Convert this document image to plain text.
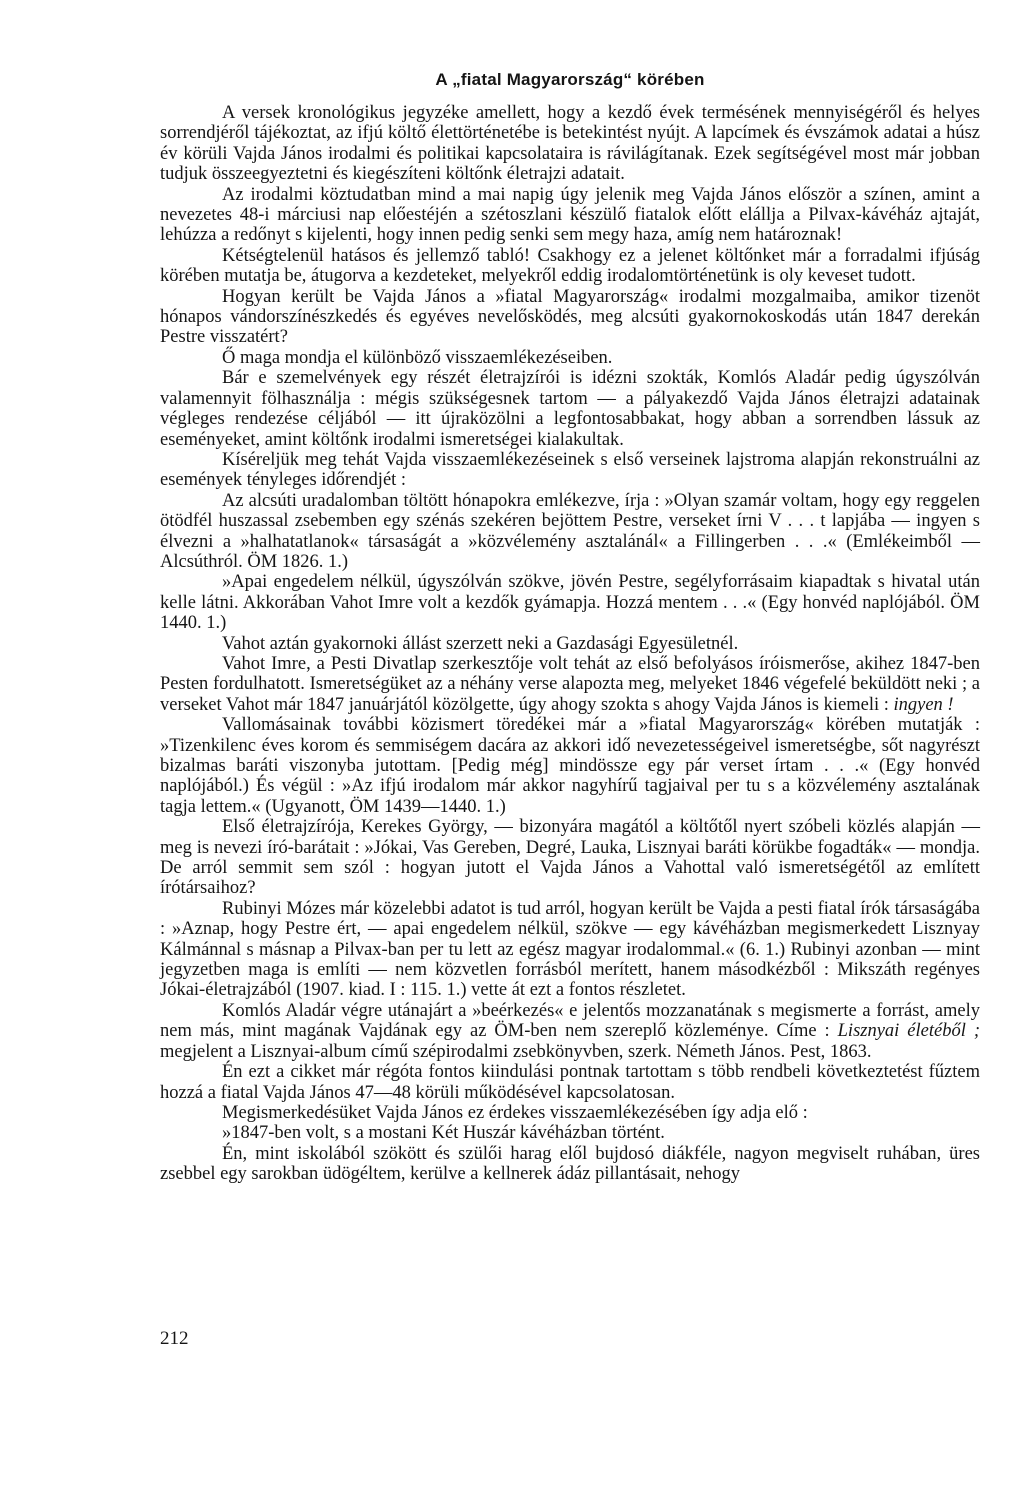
A „fiatal Magyarország“ körében

A versek kronológikus jegyzéke amellett, hogy a kezdő évek termésének mennyiségéről és helyes sorrendjéről tájékoztat, az ifjú költő élettörténetébe is betekintést nyújt. A lapcímek és évszámok adatai a húsz év körüli Vajda János irodalmi és politikai kapcsolataira is rávilágítanak. Ezek segítségével most már jobban tudjuk összeegyeztetni és kiegészíteni költőnk életrajzi adatait.

Az irodalmi köztudatban mind a mai napig úgy jelenik meg Vajda János először a színen, amint a nevezetes 48-i márciusi nap előestéjén a szétoszlani készülő fiatalok előtt elállja a Pilvax-kávéház ajtaját, lehúzza a redőnyt s kijelenti, hogy innen pedig senki sem megy haza, amíg nem határoznak!

Kétségtelenül hatásos és jellemző tabló! Csakhogy ez a jelenet költőnket már a forradalmi ifjúság körében mutatja be, átugorva a kezdeteket, melyekről eddig irodalomtörténetünk is oly keveset tudott.

Hogyan került be Vajda János a »fiatal Magyarország« irodalmi mozgalmaiba, amikor tizenöt hónapos vándorszínészkedés és egyéves nevelősködés, meg alcsúti gyakornokoskodás után 1847 derekán Pestre visszatért?

Ő maga mondja el különböző visszaemlékezéseiben.

Bár e szemelvények egy részét életrajzírói is idézni szokták, Komlós Aladár pedig úgyszólván valamennyit fölhasználja : mégis szükségesnek tartom — a pályakezdő Vajda János életrajzi adatainak végleges rendezése céljából — itt újraközölni a legfontosabbakat, hogy abban a sorrendben lássuk az eseményeket, amint költőnk irodalmi ismeretségei kialakultak.

Kíséreljük meg tehát Vajda visszaemlékezéseinek s első verseinek lajstroma alapján rekonstruálni az események tényleges időrendjét :

Az alcsúti uradalomban töltött hónapokra emlékezve, írja : »Olyan szamár voltam, hogy egy reggelen ötödfél huszassal zsebemben egy szénás szekéren bejöttem Pestre, verseket írni V . . . t lapjába — ingyen s élvezni a »halhatatlanok« társaságát a »közvélemény asztalánál« a Fillingerben . . .« (Emlékeimből — Alcsúthról. ÖM 1826. 1.)

»Apai engedelem nélkül, úgyszólván szökve, jövén Pestre, segélyforrásaim kiapadtak s hivatal után kelle látni. Akkorában Vahot Imre volt a kezdők gyámapja. Hozzá mentem . . .« (Egy honvéd naplójából. ÖM 1440. 1.)

Vahot aztán gyakornoki állást szerzett neki a Gazdasági Egyesületnél.

Vahot Imre, a Pesti Divatlap szerkesztője volt tehát az első befolyásos íróismerőse, akihez 1847-ben Pesten fordulhatott. Ismeretségüket az a néhány verse alapozta meg, melyeket 1846 végefelé beküldött neki ; a verseket Vahot már 1847 januárjától közölgette, úgy ahogy szokta s ahogy Vajda János is kiemeli : ingyen !

Vallomásainak további közismert töredékei már a »fiatal Magyarország« körében mutatják : »Tizenkilenc éves korom és semmiségem dacára az akkori idő nevezetességeivel ismeretségbe, sőt nagyrészt bizalmas baráti viszonyba jutottam. [Pedig még] mindössze egy pár verset írtam . . .« (Egy honvéd naplójából.) És végül : »Az ifjú irodalom már akkor nagyhírű tagjaival per tu s a közvélemény asztalának tagja lettem.« (Ugyanott, ÖM 1439—1440. 1.)

Első életrajzírója, Kerekes György, — bizonyára magától a költőtől nyert szóbeli közlés alapján — meg is nevezi író-barátait : »Jókai, Vas Gereben, Degré, Lauka, Lisznyai baráti körükbe fogadták« — mondja. De arról semmit sem szól : hogyan jutott el Vajda János a Vahottal való ismeretségétől az említett írótársaihoz?

Rubinyi Mózes már közelebbi adatot is tud arról, hogyan került be Vajda a pesti fiatal írók társaságába : »Aznap, hogy Pestre ért, — apai engedelem nélkül, szökve — egy kávéházban megismerkedett Lisznyay Kálmánnal s másnap a Pilvax-ban per tu lett az egész magyar irodalommal.« (6. 1.) Rubinyi azonban — mint jegyzetben maga is említi — nem közvetlen forrásból merített, hanem másodkézből : Mikszáth regényes Jókai-életrajzából (1907. kiad. I : 115. 1.) vette át ezt a fontos részletet.

Komlós Aladár végre utánajárt a »beérkezés« e jelentős mozzanatának s megismerte a forrást, amely nem más, mint magának Vajdának egy az ÖM-ben nem szereplő közleménye. Címe : Lisznyai életéből ; megjelent a Lisznyai-album című szépirodalmi zsebkönyvben, szerk. Németh János. Pest, 1863.

Én ezt a cikket már régóta fontos kiindulási pontnak tartottam s több rendbeli következtetést fűztem hozzá a fiatal Vajda János 47—48 körüli működésével kapcsolatosan.

Megismerkedésüket Vajda János ez érdekes visszaemlékezésében így adja elő :

»1847-ben volt, s a mostani Két Huszár kávéházban történt.

Én, mint iskolából szökött és szülői harag elől bujdosó diákféle, nagyon megviselt ruhában, üres zsebbel egy sarokban üdögéltem, kerülve a kellnerek ádáz pillantásait, nehogy

212
